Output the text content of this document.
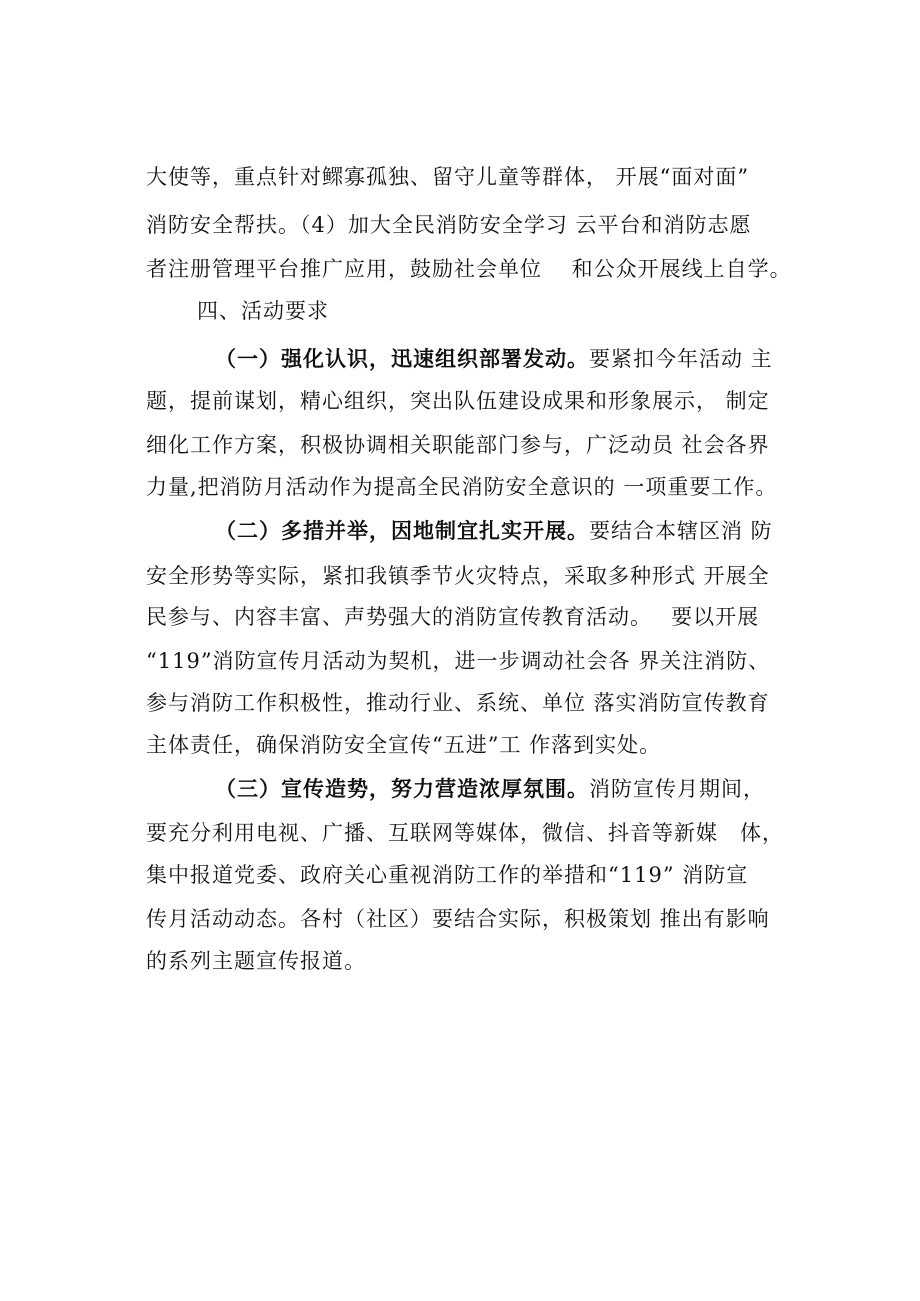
大使等，重点针对鳏寡孤独、留守儿童等群体， 开展“面对面”
消防安全帮扶。（4）加大全民消防安全学习 云平台和消防志愿
者注册管理平台推广应用，鼓励社会单位　 和公众开展线上自学。
四、活动要求
（一）强化认识，迅速组织部署发动。要紧扣今年活动 主
题，提前谋划，精心组织，突出队伍建设成果和形象展示， 制定
细化工作方案，积极协调相关职能部门参与，广泛动员 社会各界
力量,把消防月活动作为提高全民消防安全意识的 一项重要工作。
（二）多措并举，因地制宜扎实开展。要结合本辖区消 防
安全形势等实际，紧扣我镇季节火灾特点，采取多种形式 开展全
民参与、内容丰富、声势强大的消防宣传教育活动。　 要以开展
“119”消防宣传月活动为契机，进一步调动社会各 界关注消防、
参与消防工作积极性，推动行业、系统、单位 落实消防宣传教育
主体责任，确保消防安全宣传“五进”工 作落到实处。
（三）宣传造势，努力营造浓厚氛围。消防宣传月期间，
要充分利用电视、广播、互联网等媒体，微信、抖音等新媒　体，
集中报道党委、政府关心重视消防工作的举措和“119” 消防宣
传月活动动态。各村（社区）要结合实际，积极策划 推出有影响
的系列主题宣传报道。
